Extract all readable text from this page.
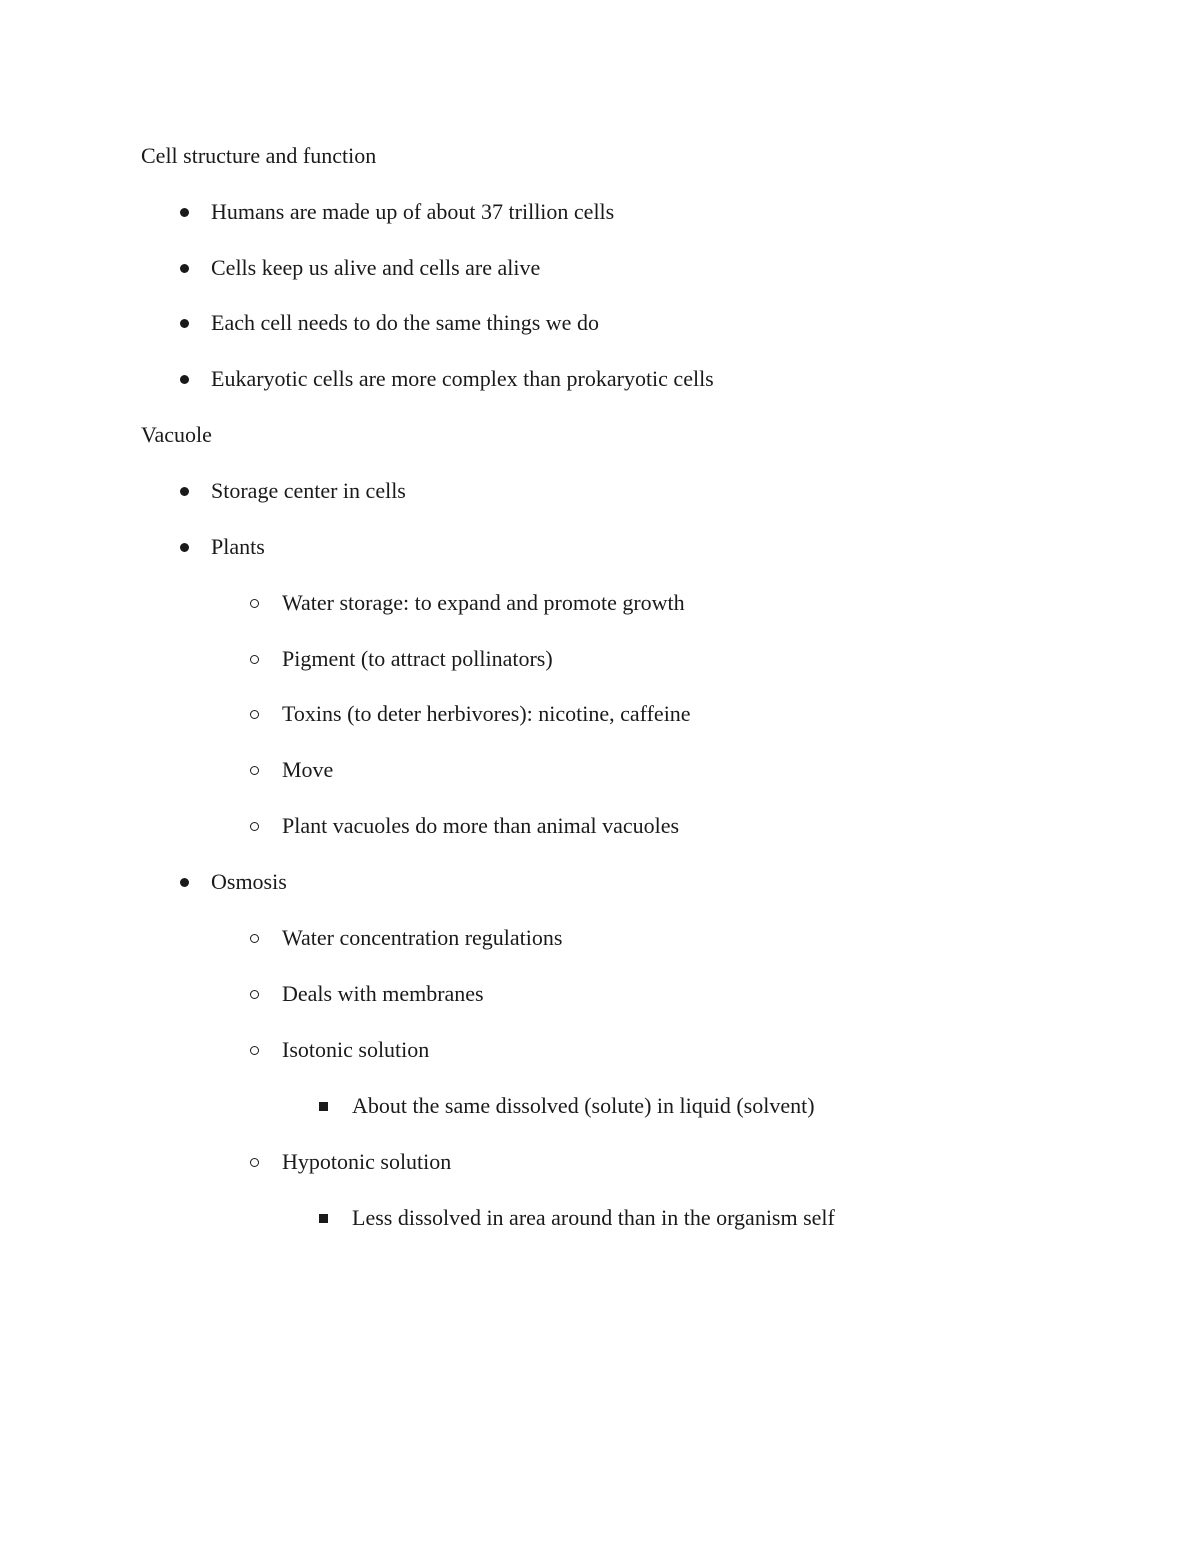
Cell structure and function
Humans are made up of about 37 trillion cells
Cells keep us alive and cells are alive
Each cell needs to do the same things we do
Eukaryotic cells are more complex than prokaryotic cells
Vacuole
Storage center in cells
Plants
Water storage: to expand and promote growth
Pigment (to attract pollinators)
Toxins (to deter herbivores): nicotine, caffeine
Move
Plant vacuoles do more than animal vacuoles
Osmosis
Water concentration regulations
Deals with membranes
Isotonic solution
About the same dissolved (solute) in liquid (solvent)
Hypotonic solution
Less dissolved in area around than in the organism self
